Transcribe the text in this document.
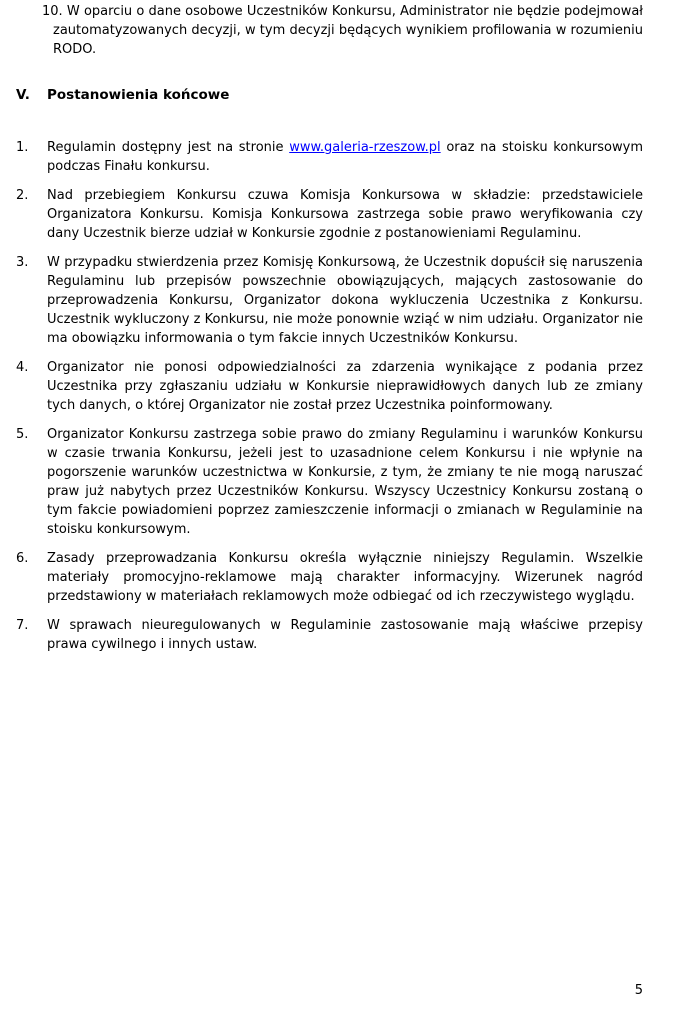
10. W oparciu o dane osobowe Uczestników Konkursu, Administrator nie będzie podejmował zautomatyzowanych decyzji, w tym decyzji będących wynikiem profilowania w rozumieniu RODO.
V. Postanowienia końcowe
1. Regulamin dostępny jest na stronie www.galeria-rzeszow.pl oraz na stoisku konkursowym podczas Finału konkursu.
2. Nad przebiegiem Konkursu czuwa Komisja Konkursowa w składzie: przedstawiciele Organizatora Konkursu. Komisja Konkursowa zastrzega sobie prawo weryfikowania czy dany Uczestnik bierze udział w Konkursie zgodnie z postanowieniami Regulaminu.
3. W przypadku stwierdzenia przez Komisję Konkursową, że Uczestnik dopuścił się naruszenia Regulaminu lub przepisów powszechnie obowiązujących, mających zastosowanie do przeprowadzenia Konkursu, Organizator dokona wykluczenia Uczestnika z Konkursu. Uczestnik wykluczony z Konkursu, nie może ponownie wziąć w nim udziału. Organizator nie ma obowiązku informowania o tym fakcie innych Uczestników Konkursu.
4. Organizator nie ponosi odpowiedzialności za zdarzenia wynikające z podania przez Uczestnika przy zgłaszaniu udziału w Konkursie nieprawidłowych danych lub ze zmiany tych danych, o której Organizator nie został przez Uczestnika poinformowany.
5. Organizator Konkursu zastrzega sobie prawo do zmiany Regulaminu i warunków Konkursu w czasie trwania Konkursu, jeżeli jest to uzasadnione celem Konkursu i nie wpłynie na pogorszenie warunków uczestnictwa w Konkursie, z tym, że zmiany te nie mogą naruszać praw już nabytych przez Uczestników Konkursu. Wszyscy Uczestnicy Konkursu zostaną o tym fakcie powiadomieni poprzez zamieszczenie informacji o zmianach w Regulaminie na stoisku konkursowym.
6. Zasady przeprowadzania Konkursu określa wyłącznie niniejszy Regulamin. Wszelkie materiały promocyjno-reklamowe mają charakter informacyjny. Wizerunek nagród przedstawiony w materiałach reklamowych może odbiegać od ich rzeczywistego wyglądu.
7. W sprawach nieuregulowanych w Regulaminie zastosowanie mają właściwe przepisy prawa cywilnego i innych ustaw.
5
